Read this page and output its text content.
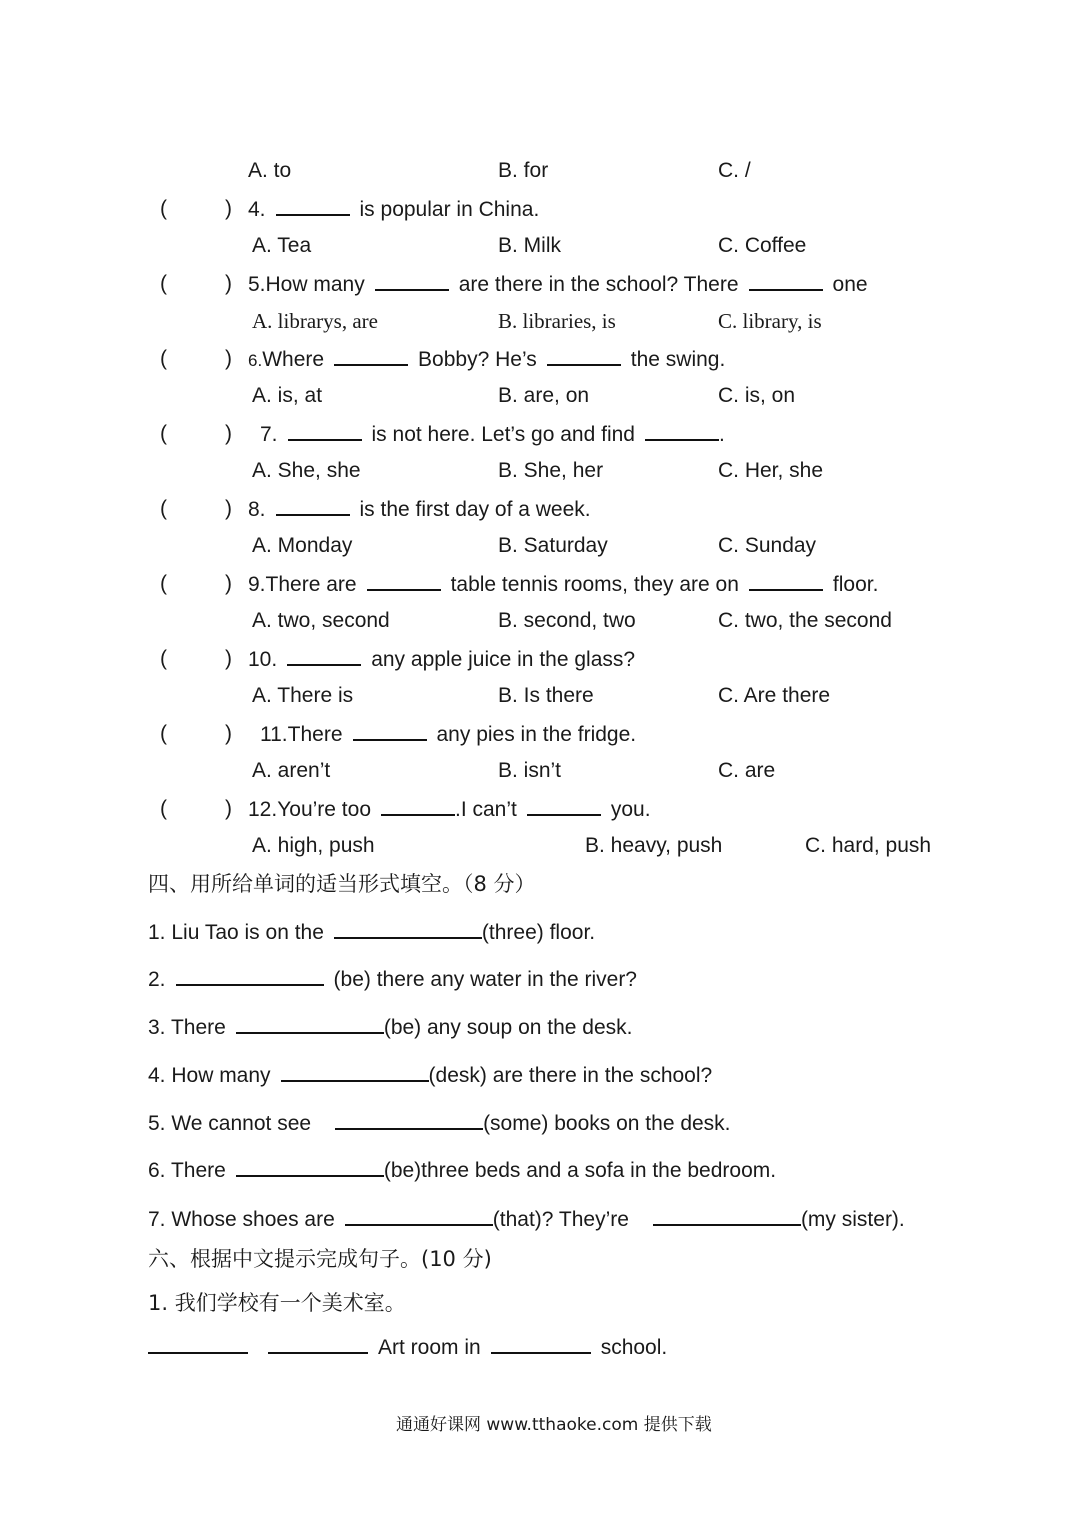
A. to	B. for	C. /
(	) 4.	is popular in China.
A. Tea	B. Milk	C. Coffee
(	) 5.How many	are there in the school? There	one
A. librarys, are	B. libraries, is	C. library, is
(	) 6.Where	Bobby? He’s	the swing.
A. is, at	B. are, on	C. is, on
(	) 7.	is not here. Let’s go and find	.
A. She, she	B. She, her	C. Her, she
(	) 8.	is the first day of a week.
A. Monday	B. Saturday	C. Sunday
(	) 9.There are	table tennis rooms, they are on	floor.
A. two, second	B. second, two	C. two, the second
(	) 10.	any apple juice in the glass?
A. There is	B. Is there	C. Are there
(	) 11.There	any pies in the fridge.
A. aren’t	B. isn’t	C. are
(	) 12.You’re too	.I can’t	you.
A. high, push	B. heavy, push	C. hard, push
四、用所给单词的适当形式填空。（8 分）
1. Liu Tao is on the	(three) floor.
2.	(be) there any water in the river?
3. There	(be) any soup on the desk.
4. How many	(desk) are there in the school?
5. We cannot see	(some) books on the desk.
6. There	(be)three beds and a sofa in the bedroom.
7. Whose shoes are	(that)? They’re	(my sister).
六、根据中文提示完成句子。(10 分)
1. 我们学校有一个美术室。
Art room in	school.
通通好课网 www.tthaoke.com 提供下载
